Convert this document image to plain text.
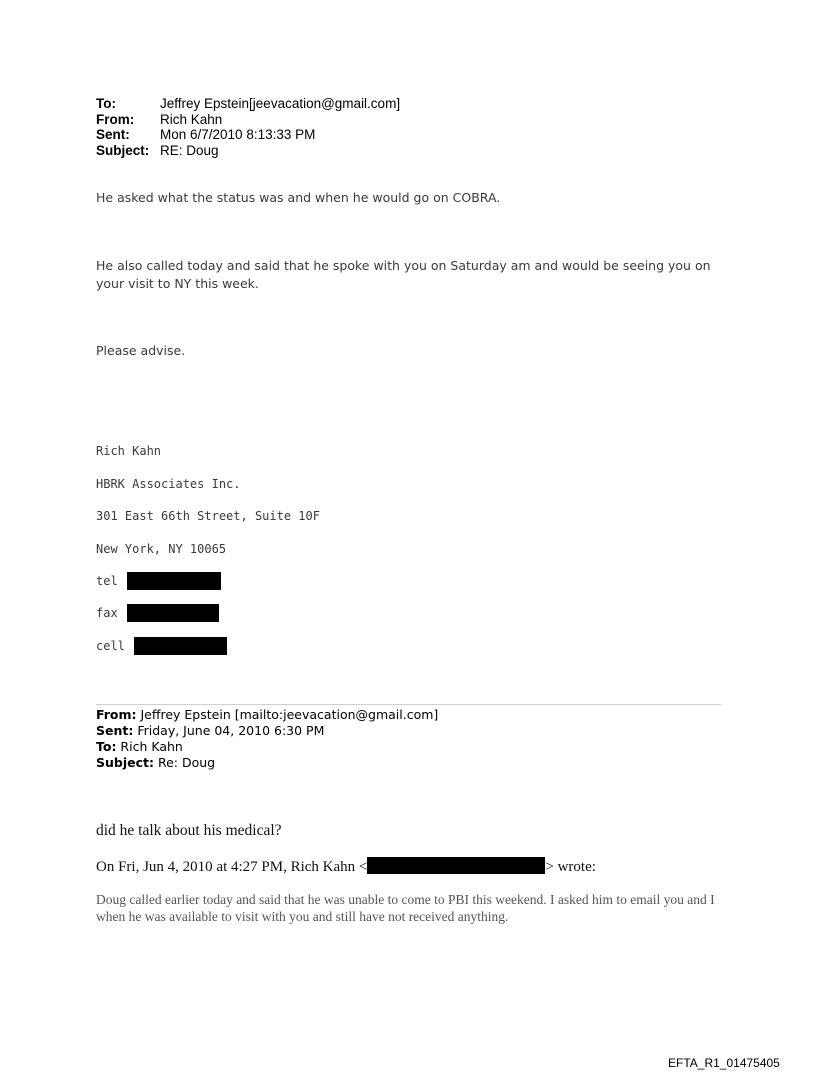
To:	Jeffrey Epstein[jeevacation@gmail.com]
From:	Rich Kahn
Sent:	Mon 6/7/2010 8:13:33 PM
Subject: RE: Doug
He asked what the status was and when he would go on COBRA.
He also called today and said that he spoke with you on Saturday am and would be seeing you on your visit to NY this week.
Please advise.
Rich Kahn
HBRK Associates Inc.
301 East 66th Street, Suite 10F
New York, NY 10065
tel
fax
cell
From: Jeffrey Epstein [mailto:jeevacation@gmail.com]
Sent: Friday, June 04, 2010 6:30 PM
To: Rich Kahn
Subject: Re: Doug
did he talk about his medical?
On Fri, Jun 4, 2010 at 4:27 PM, Rich Kahn <	> wrote:
Doug called earlier today and said that he was unable to come to PBI this weekend. I asked him to email you and I when he was available to visit with you and still have not received anything.
EFTA_R1_01475405
